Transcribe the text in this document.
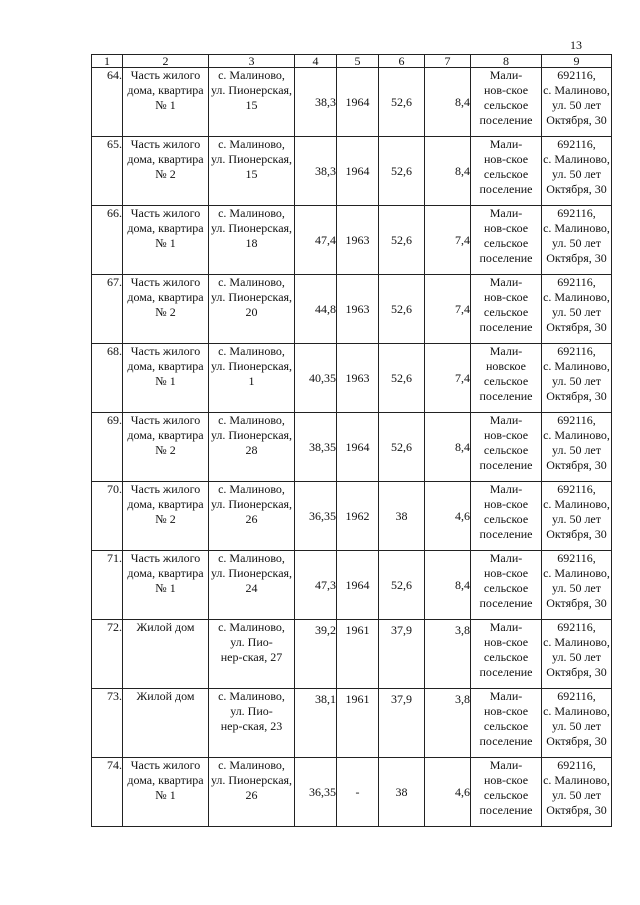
13
1	2	3	4	5	6	7	8	9
64.	Часть жилого
дома, квартира
№ 1	с. Малиново,
ул. Пионерская,
15	38,3	1964	52,6	8,4	Мали-
нов-ское
сельское
поселение	692116,
с. Малиново,
ул. 50 лет
Октября, 30
65.	Часть жилого
дома, квартира
№ 2	с. Малиново,
ул. Пионерская,
15	38,3	1964	52,6	8,4	Мали-
нов-ское
сельское
поселение	692116,
с. Малиново,
ул. 50 лет
Октября, 30
66.	Часть жилого
дома, квартира
№ 1	с. Малиново,
ул. Пионерская,
18	47,4	1963	52,6	7,4	Мали-
нов-ское
сельское
поселение	692116,
с. Малиново,
ул. 50 лет
Октября, 30
67.	Часть жилого
дома, квартира
№ 2	с. Малиново,
ул. Пионерская,
20	44,8	1963	52,6	7,4	Мали-
нов-ское
сельское
поселение	692116,
с. Малиново,
ул. 50 лет
Октября, 30
68.	Часть жилого
дома, квартира
№ 1	с. Малиново,
ул. Пионерская,
1	40,35	1963	52,6	7,4	Мали-
новское
сельское
поселение	692116,
с. Малиново,
ул. 50 лет
Октября, 30
69.	Часть жилого
дома, квартира
№ 2	с. Малиново,
ул. Пионерская,
28	38,35	1964	52,6	8,4	Мали-
нов-ское
сельское
поселение	692116,
с. Малиново,
ул. 50 лет
Октября, 30
70.	Часть жилого
дома, квартира
№ 2	с. Малиново,
ул. Пионерская,
26	36,35	1962	38	4,6	Мали-
нов-ское
сельское
поселение	692116,
с. Малиново,
ул. 50 лет
Октября, 30
71.	Часть жилого
дома, квартира
№ 1	с. Малиново,
ул. Пионерская,
24	47,3	1964	52,6	8,4	Мали-
нов-ское
сельское
поселение	692116,
с. Малиново,
ул. 50 лет
Октября, 30
72.	Жилой дом	с. Малиново,
ул. Пио-
нер-ская, 27	39,2	1961	37,9	3,8	Мали-
нов-ское
сельское
поселение	692116,
с. Малиново,
ул. 50 лет
Октября, 30
73.	Жилой дом	с. Малиново,
ул. Пио-
нер-ская, 23	38,1	1961	37,9	3,8	Мали-
нов-ское
сельское
поселение	692116,
с. Малиново,
ул. 50 лет
Октября, 30
74.	Часть жилого
дома, квартира
№ 1	с. Малиново,
ул. Пионерская,
26	36,35	-	38	4,6	Мали-
нов-ское
сельское
поселение	692116,
с. Малиново,
ул. 50 лет
Октября, 30
